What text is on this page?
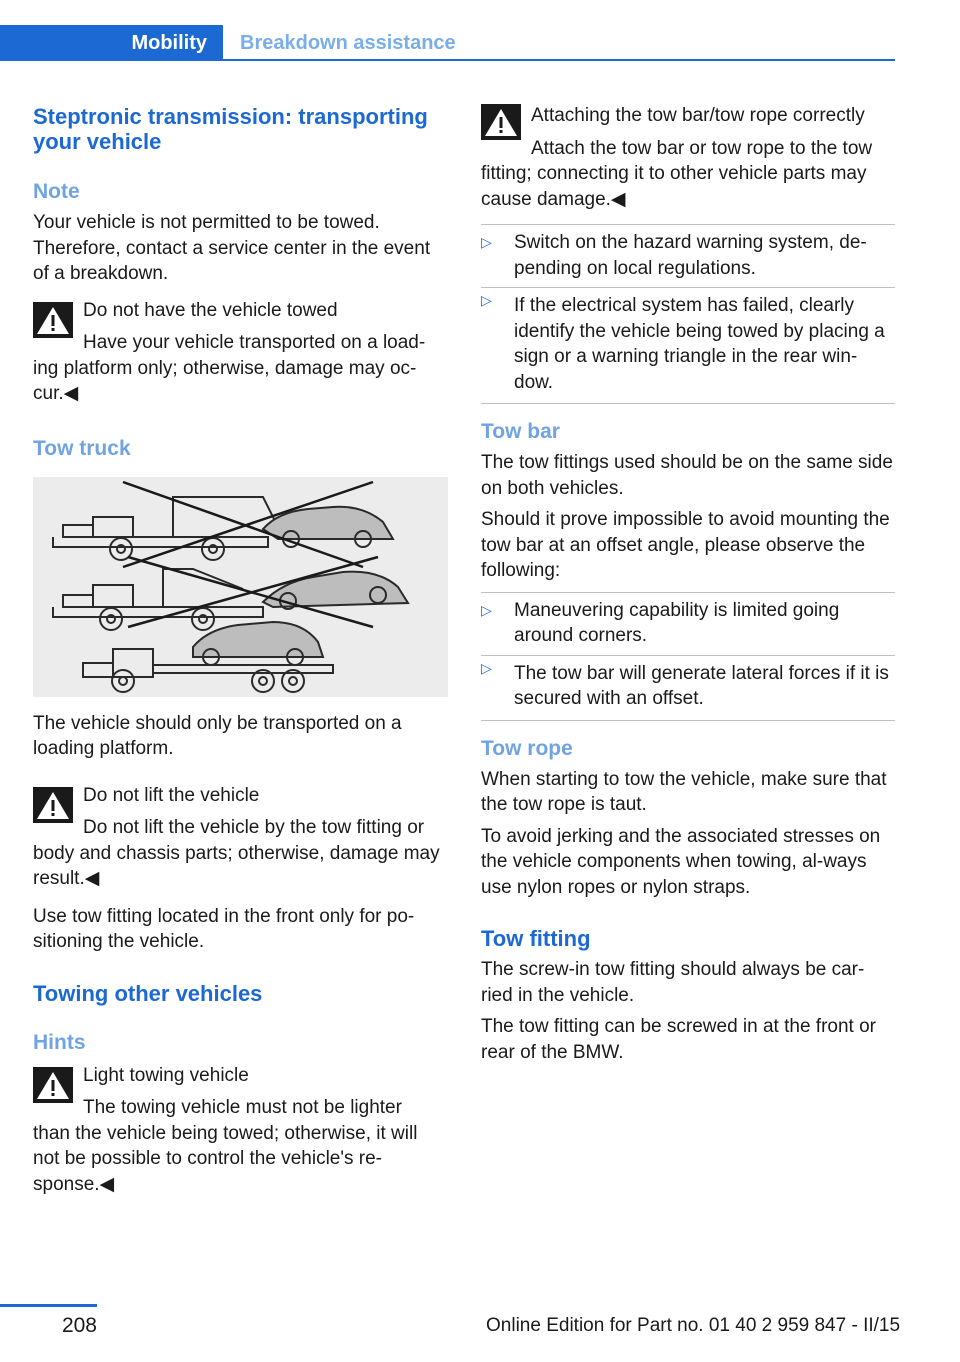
Mobility	Breakdown assistance
Steptronic transmission: transporting your vehicle
Note

Your vehicle is not permitted to be towed. Therefore, contact a service center in the event of a breakdown.

Do not have the vehicle towed

Have your vehicle transported on a load-

ing platform only; otherwise, damage may oc-cur.◀

Tow truck

The vehicle should only be transported on a loading platform.

Do not lift the vehicle

Do not lift the vehicle by the tow fitting or

body and chassis parts; otherwise, damage may result.◀

Use tow fitting located in the front only for po-sitioning the vehicle.

Towing other vehicles
Hints

Light towing vehicle

The towing vehicle must not be lighter

than the vehicle being towed; otherwise, it will not be possible to control the vehicle's re-sponse.◀

Attaching the tow bar/tow rope correctly

Attach the tow bar or tow rope to the tow

fitting; connecting it to other vehicle parts may cause damage.◀

▷ Switch on the hazard warning system, de-pending on local regulations.
▷ If the electrical system has failed, clearly identify the vehicle being towed by placing a sign or a warning triangle in the rear win-dow.
Tow bar

The tow fittings used should be on the same side on both vehicles.

Should it prove impossible to avoid mounting the tow bar at an offset angle, please observe the following:

▷ Maneuvering capability is limited going around corners.
▷ The tow bar will generate lateral forces if it is secured with an offset.
Tow rope

When starting to tow the vehicle, make sure that the tow rope is taut.

To avoid jerking and the associated stresses on the vehicle components when towing, al-ways use nylon ropes or nylon straps.

Tow fitting

The screw-in tow fitting should always be car-ried in the vehicle.

The tow fitting can be screwed in at the front or rear of the BMW.

208	Online Edition for Part no. 01 40 2 959 847 - II/15
